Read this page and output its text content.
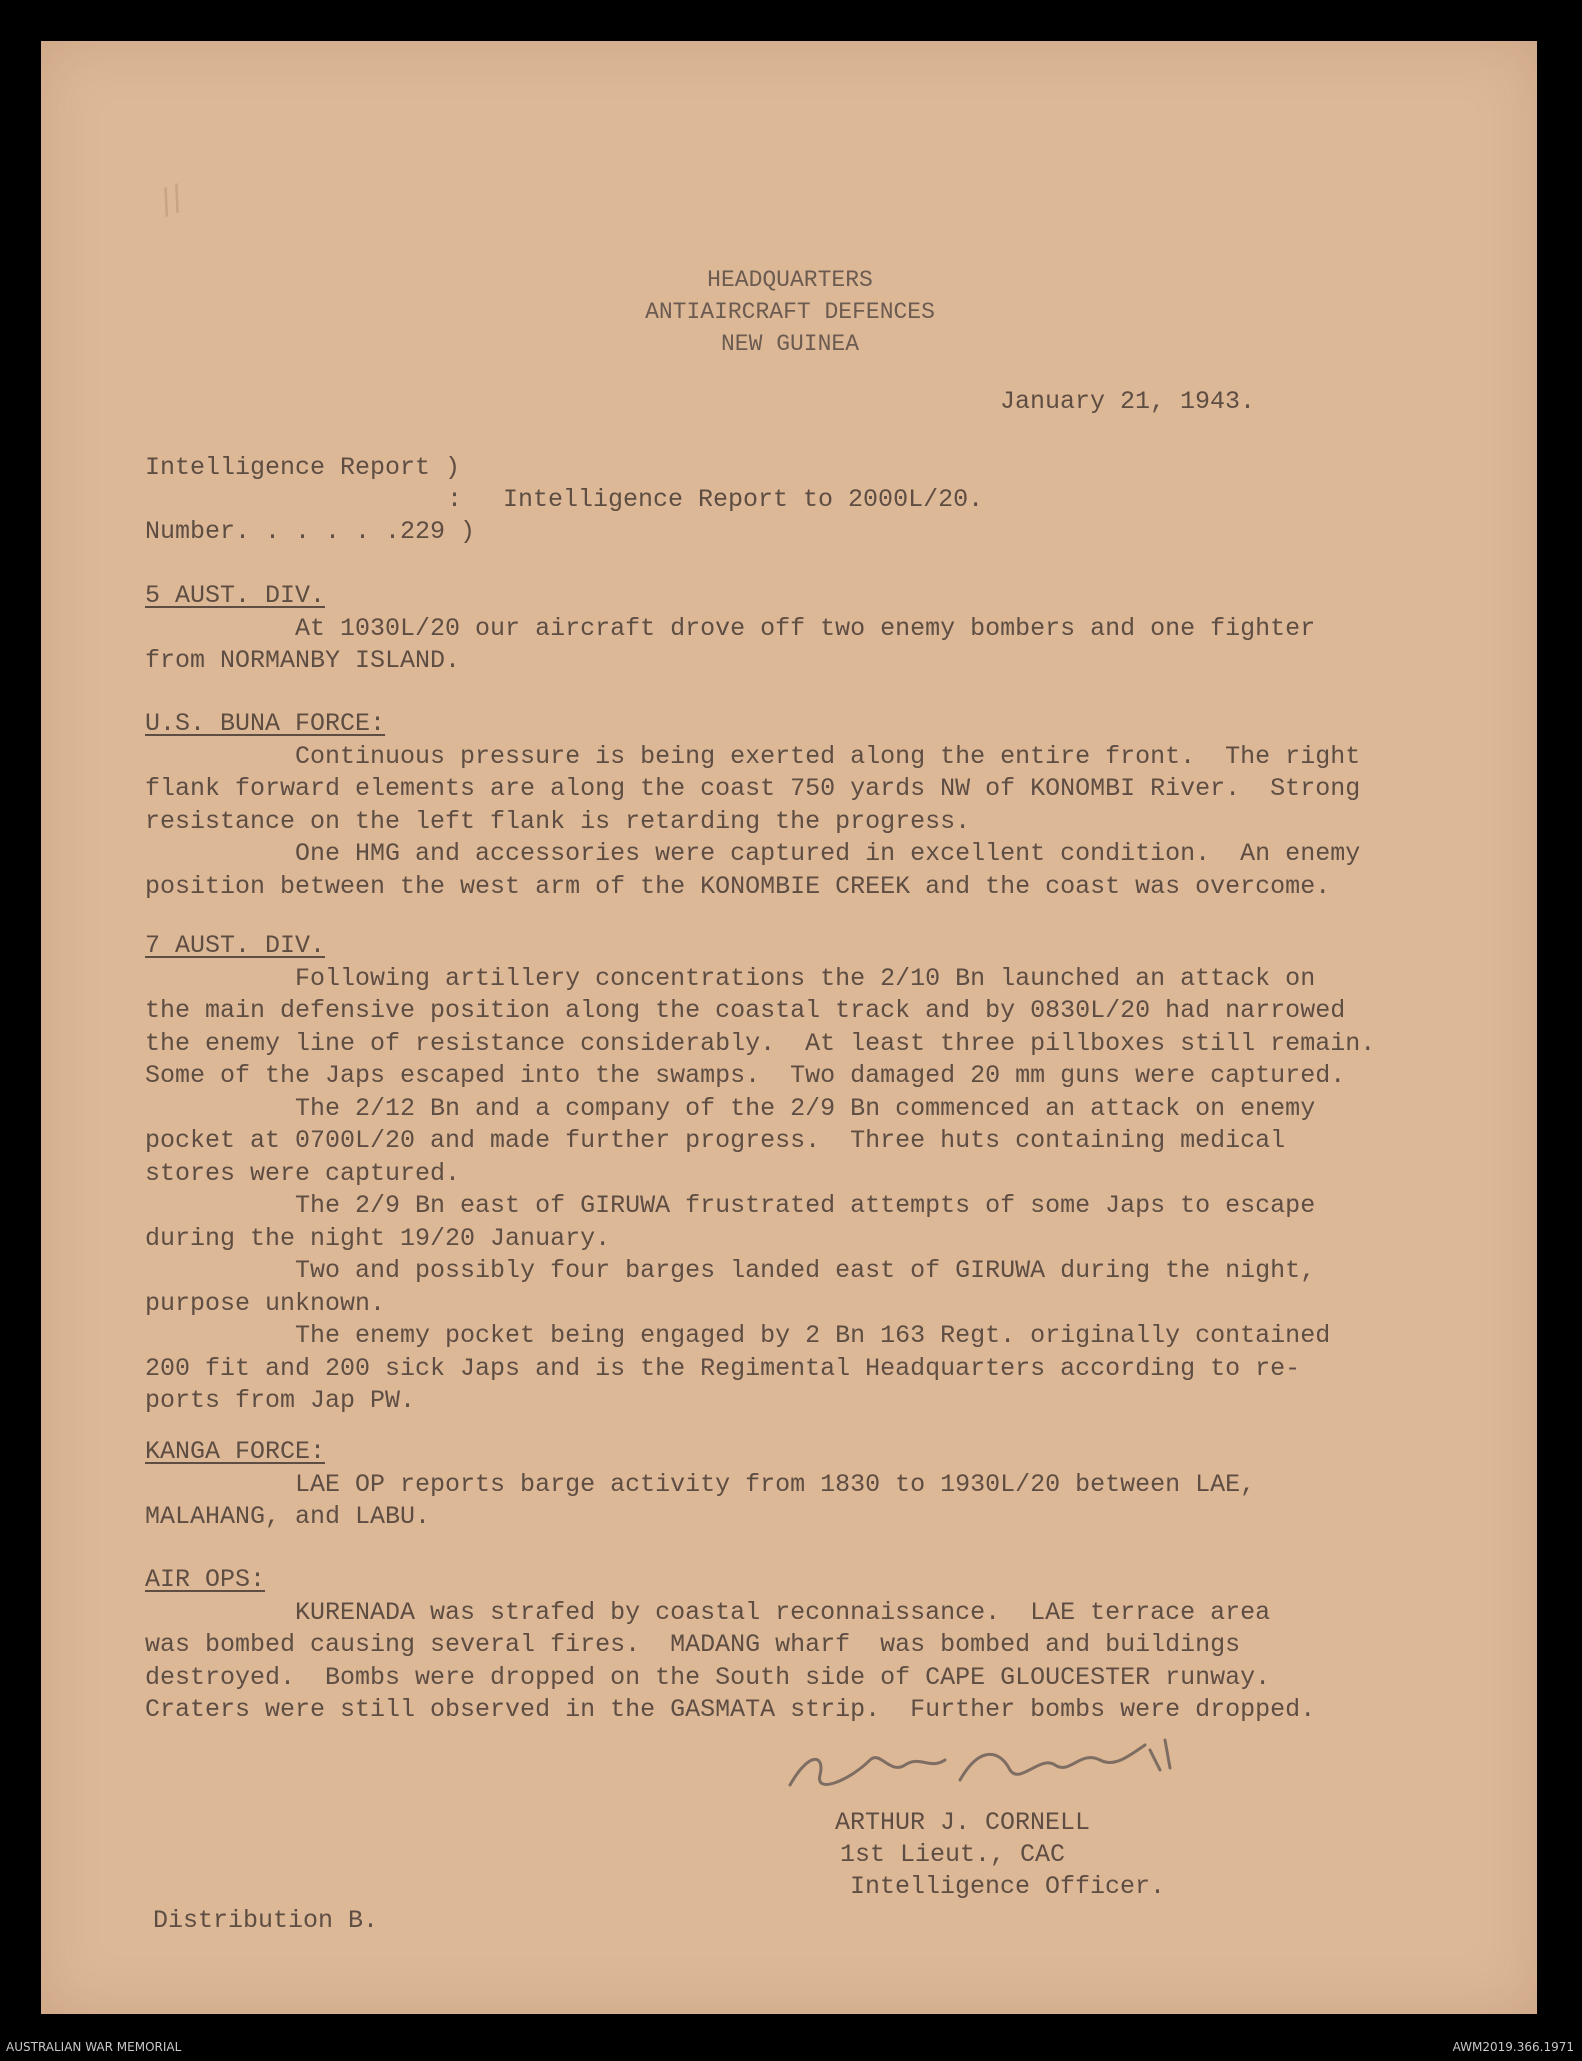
//
HEADQUARTERS
ANTIAIRCRAFT DEFENCES
NEW GUINEA
January 21, 1943.
Intelligence Report )
: Intelligence Report to 2000L/20.
Number. . . . . .229 )
5 AUST. DIV.
At 1030L/20 our aircraft drove off two enemy bombers and one fighter
from NORMANBY ISLAND.
U.S. BUNA FORCE:
Continuous pressure is being exerted along the entire front.  The right
flank forward elements are along the coast 750 yards NW of KONOMBI River.  Strong
resistance on the left flank is retarding the progress.
One HMG and accessories were captured in excellent condition.  An enemy
position between the west arm of the KONOMBIE CREEK and the coast was overcome.
7 AUST. DIV.
Following artillery concentrations the 2/10 Bn launched an attack on
the main defensive position along the coastal track and by 0830L/20 had narrowed
the enemy line of resistance considerably.  At least three pillboxes still remain.
Some of the Japs escaped into the swamps.  Two damaged 20 mm guns were captured.
The 2/12 Bn and a company of the 2/9 Bn commenced an attack on enemy
pocket at 0700L/20 and made further progress.  Three huts containing medical
stores were captured.
The 2/9 Bn east of GIRUWA frustrated attempts of some Japs to escape
during the night 19/20 January.
Two and possibly four barges landed east of GIRUWA during the night,
purpose unknown.
The enemy pocket being engaged by 2 Bn 163 Regt. originally contained
200 fit and 200 sick Japs and is the Regimental Headquarters according to re-
ports from Jap PW.
KANGA FORCE:
LAE OP reports barge activity from 1830 to 1930L/20 between LAE,
MALAHANG, and LABU.
AIR OPS:
KURENADA was strafed by coastal reconnaissance.  LAE terrace area
was bombed causing several fires.  MADANG wharf  was bombed and buildings
destroyed.  Bombs were dropped on the South side of CAPE GLOUCESTER runway.
Craters were still observed in the GASMATA strip.  Further bombs were dropped.
ARTHUR J. CORNELL
1st Lieut., CAC
Intelligence Officer.
Distribution B.
AUSTRALIAN WAR MEMORIAL	AWM2019.366.1971
